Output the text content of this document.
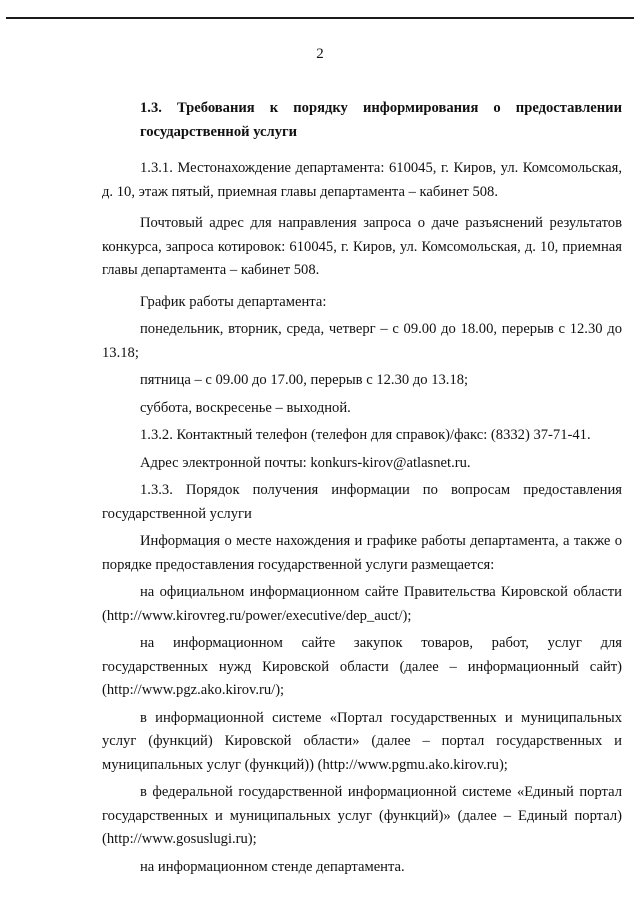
2

1.3. Требования к порядку информирования о предоставлении государственной услуги

1.3.1. Местонахождение департамента: 610045, г. Киров, ул. Комсомольская, д. 10, этаж пятый, приемная главы департамента – кабинет 508.

Почтовый адрес для направления запроса о даче разъяснений результатов конкурса, запроса котировок: 610045, г. Киров, ул. Комсомольская, д. 10, приемная главы департамента – кабинет 508.

График работы департамента:

понедельник, вторник, среда, четверг – с 09.00 до 18.00, перерыв с 12.30 до 13.18;

пятница – с 09.00 до 17.00, перерыв с 12.30 до 13.18;

суббота, воскресенье – выходной.

1.3.2. Контактный телефон (телефон для справок)/факс: (8332) 37-71-41.

Адрес электронной почты: konkurs-kirov@atlasnet.ru.

1.3.3. Порядок получения информации по вопросам предоставления государственной услуги

Информация о месте нахождения и графике работы департамента, а также о порядке предоставления государственной услуги размещается:

на официальном информационном сайте Правительства Кировской области (http://www.kirovreg.ru/power/executive/dep_auct/);

на информационном сайте закупок товаров, работ, услуг для государственных нужд Кировской области (далее – информационный сайт) (http://www.pgz.ako.kirov.ru/);

в информационной системе «Портал государственных и муниципальных услуг (функций) Кировской области» (далее – портал государственных и муниципальных услуг (функций)) (http://www.pgmu.ako.kirov.ru);

в федеральной государственной информационной системе «Единый портал государственных и муниципальных услуг (функций)» (далее – Единый портал) (http://www.gosuslugi.ru);

на информационном стенде департамента.
